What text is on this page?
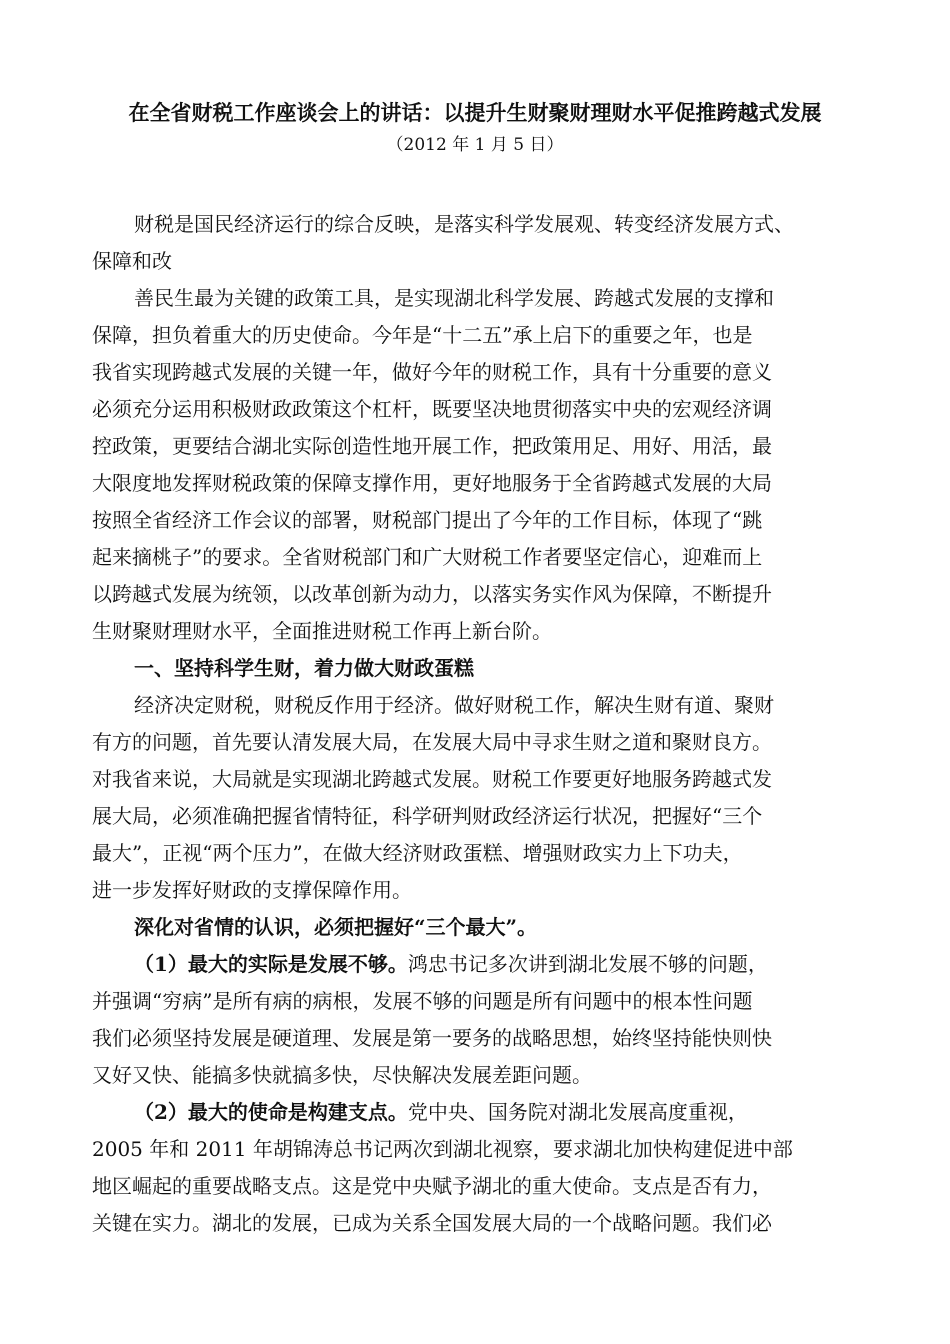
在全省财税工作座谈会上的讲话：以提升生财聚财理财水平促推跨越式发展
（2012 年 1 月 5 日）
财税是国民经济运行的综合反映，是落实科学发展观、转变经济发展方式、
保障和改
善民生最为关键的政策工具，是实现湖北科学发展、跨越式发展的支撑和
保障，担负着重大的历史使命。今年是“十二五”承上启下的重要之年，也是
我省实现跨越式发展的关键一年，做好今年的财税工作，具有十分重要的意义
必须充分运用积极财政政策这个杠杆，既要坚决地贯彻落实中央的宏观经济调
控政策，更要结合湖北实际创造性地开展工作，把政策用足、用好、用活，最
大限度地发挥财税政策的保障支撑作用，更好地服务于全省跨越式发展的大局
按照全省经济工作会议的部署，财税部门提出了今年的工作目标，体现了“跳
起来摘桃子”的要求。全省财税部门和广大财税工作者要坚定信心，迎难而上
以跨越式发展为统领，以改革创新为动力，以落实务实作风为保障，不断提升
生财聚财理财水平，全面推进财税工作再上新台阶。
一、坚持科学生财，着力做大财政蛋糕
经济决定财税，财税反作用于经济。做好财税工作，解决生财有道、聚财
有方的问题，首先要认清发展大局，在发展大局中寻求生财之道和聚财良方。
对我省来说，大局就是实现湖北跨越式发展。财税工作要更好地服务跨越式发
展大局，必须准确把握省情特征，科学研判财政经济运行状况，把握好“三个
最大”，正视“两个压力”，在做大经济财政蛋糕、增强财政实力上下功夫，
进一步发挥好财政的支撑保障作用。
深化对省情的认识，必须把握好“三个最大”。
（1）最大的实际是发展不够。鸿忠书记多次讲到湖北发展不够的问题，
并强调“穷病”是所有病的病根，发展不够的问题是所有问题中的根本性问题
我们必须坚持发展是硬道理、发展是第一要务的战略思想，始终坚持能快则快
又好又快、能搞多快就搞多快，尽快解决发展差距问题。
（2）最大的使命是构建支点。党中央、国务院对湖北发展高度重视，
2005 年和 2011 年胡锦涛总书记两次到湖北视察，要求湖北加快构建促进中部
地区崛起的重要战略支点。这是党中央赋予湖北的重大使命。支点是否有力，
关键在实力。湖北的发展，已成为关系全国发展大局的一个战略问题。我们必
